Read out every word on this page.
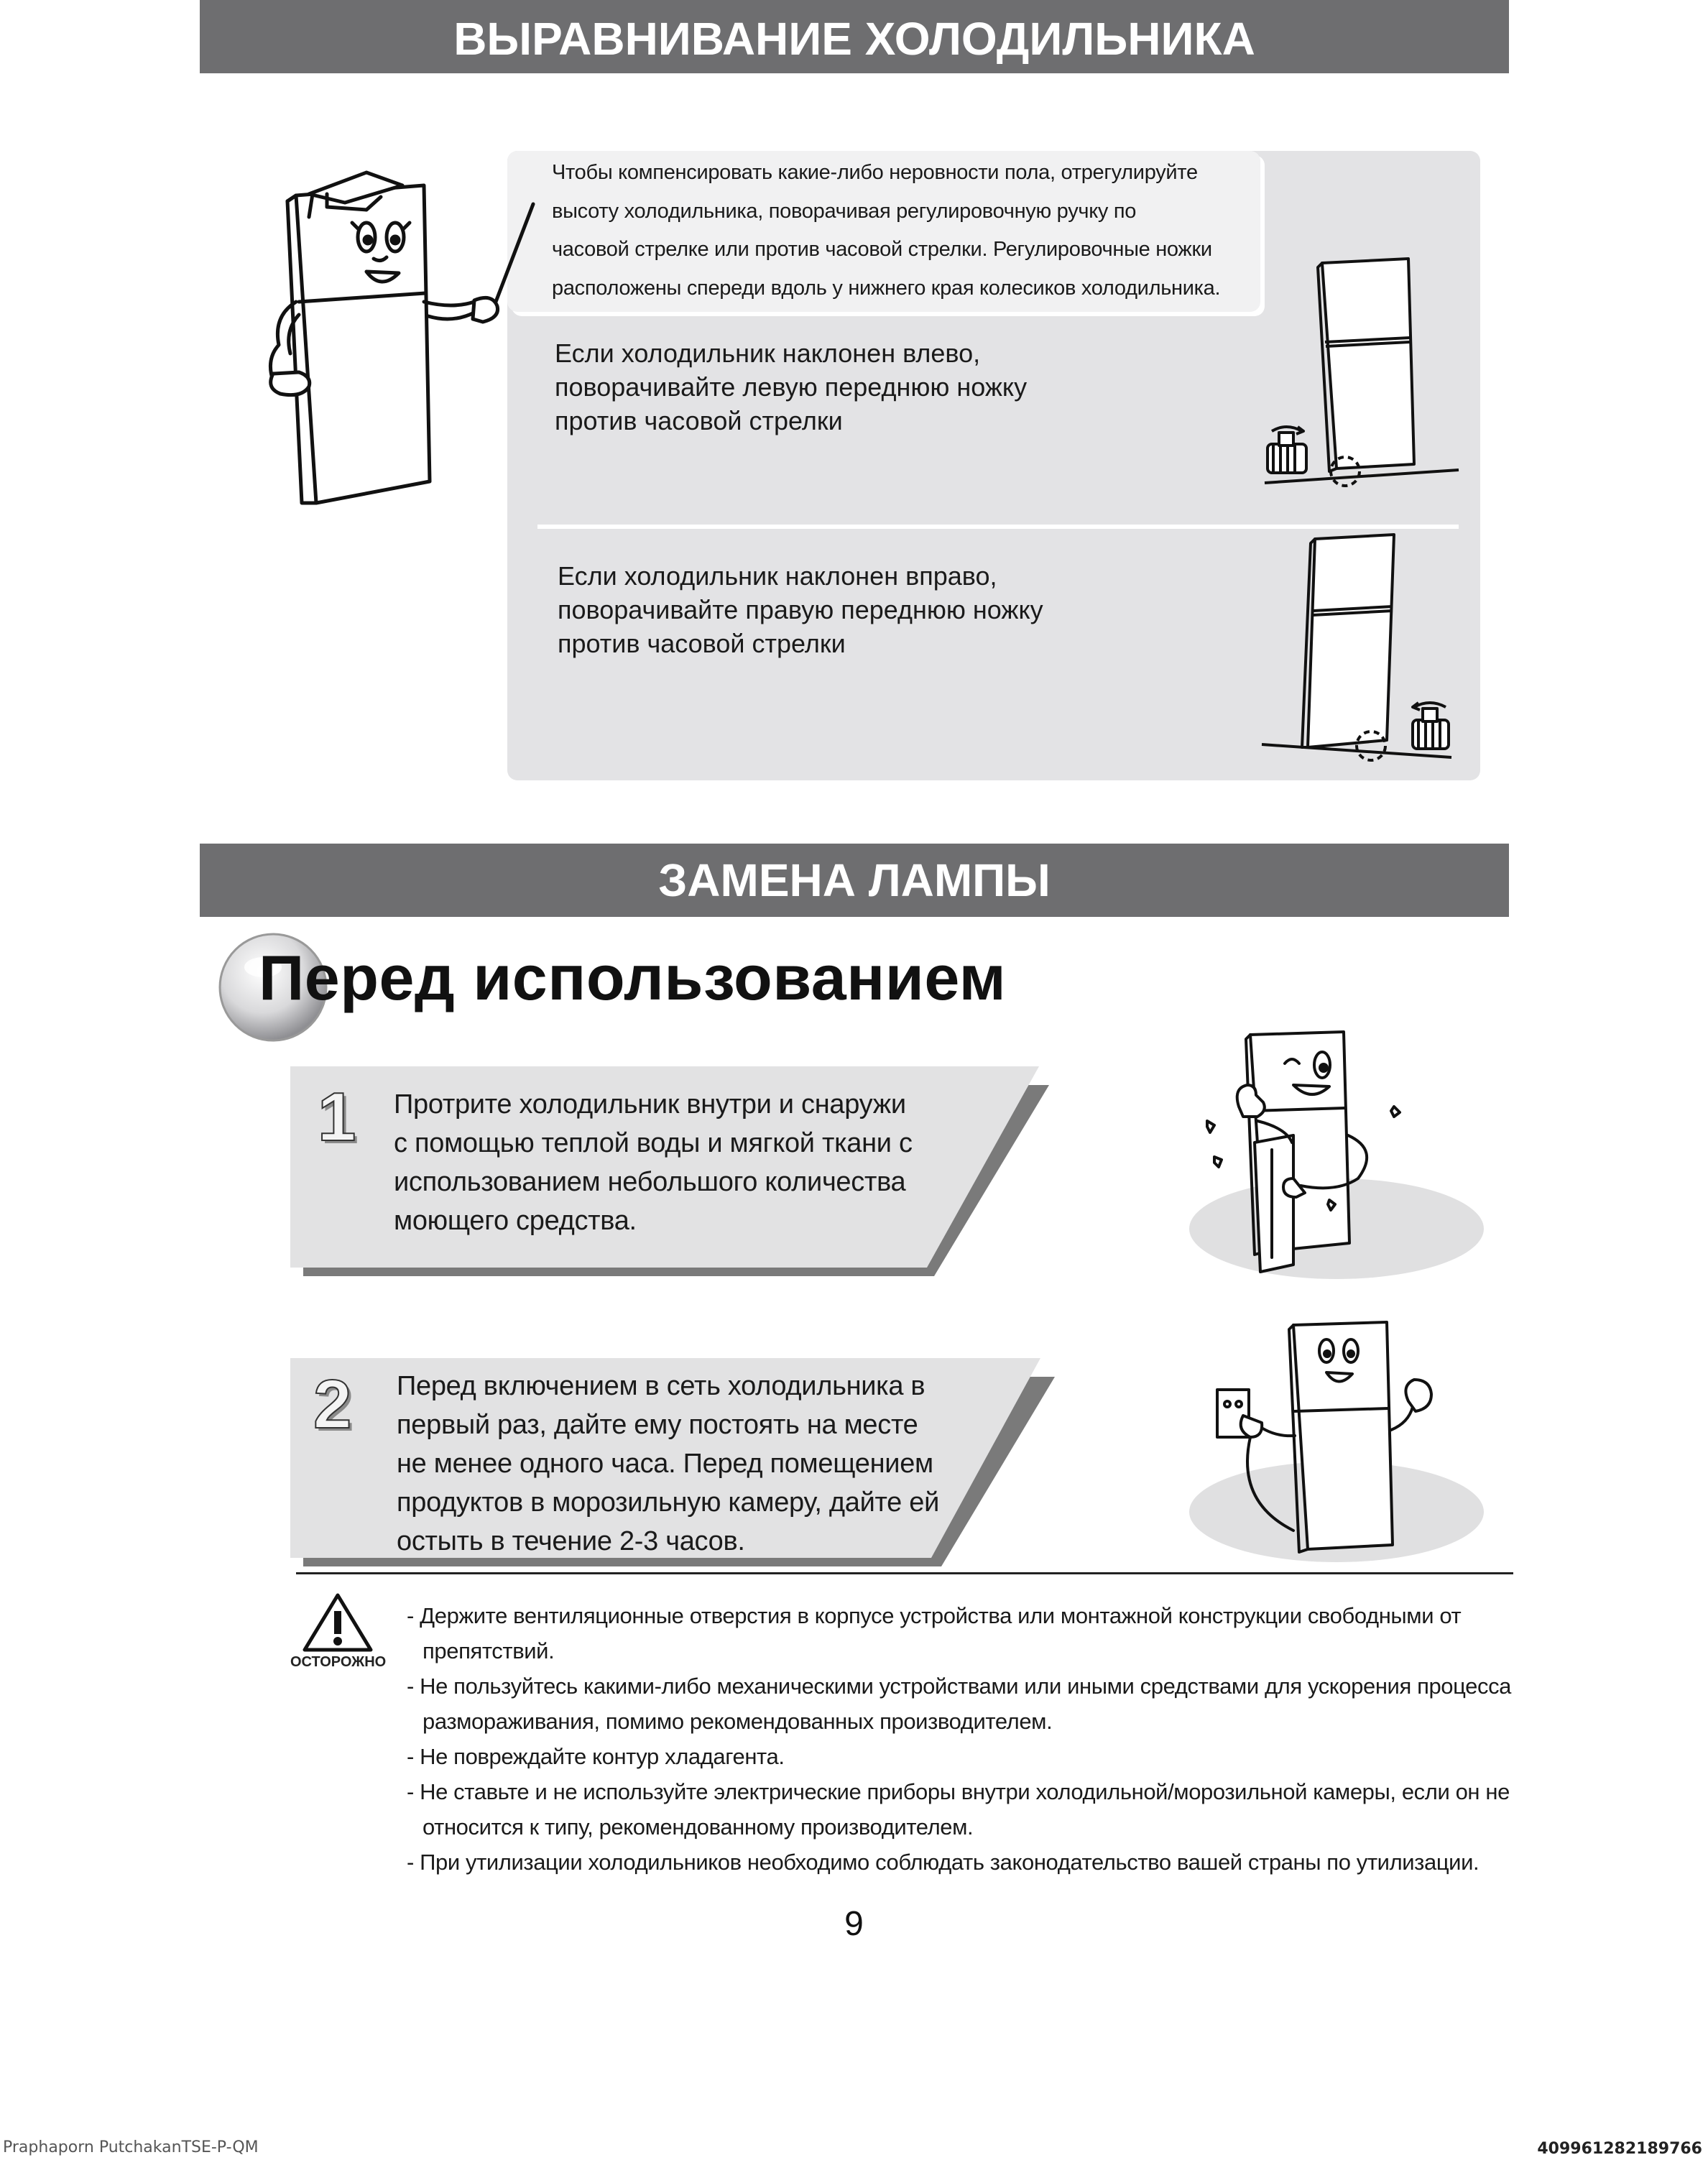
ВЫРАВНИВАНИЕ ХОЛОДИЛЬНИКА
Чтобы компенсировать какие-либо неровности пола, отрегулируйте
высоту холодильника, поворачивая регулировочную ручку по
часовой стрелке или против часовой стрелки. Регулировочные ножки
расположены спереди вдоль у нижнего края колесиков холодильника.
Если холодильник наклонен влево,
поворачивайте левую переднюю ножку
против часовой стрелки
Если холодильник наклонен вправо,
поворачивайте правую переднюю ножку
против часовой стрелки
ЗАМЕНА ЛАМПЫ
Перед использованием
1 Протрите холодильник внутри и снаружи
с помощью теплой воды и мягкой ткани с
использованием небольшого количества
моющего средства.
2 Перед включением в сеть холодильника в
первый раз, дайте ему постоять на месте
не менее одного часа. Перед помещением
продуктов в морозильную камеру, дайте ей
остыть в течение 2-3 часов.
ОСТОРОЖНО

- Держите вентиляционные отверстия в корпусе устройства или монтажной конструкции свободными от препятствий.

- Не пользуйтесь какими-либо механическими устройствами или иными средствами для ускорения процесса размораживания, помимо рекомендованных производителем.

- Не повреждайте контур хладагента.

- Не ставьте и не используйте электрические приборы внутри холодильной/морозильной камеры, если он не относится к типу, рекомендованному производителем.

- При утилизации холодильников необходимо соблюдать законодательство вашей страны по утилизации.

9
Praphaporn PutchakanTSE-P-QM	409961282189766
